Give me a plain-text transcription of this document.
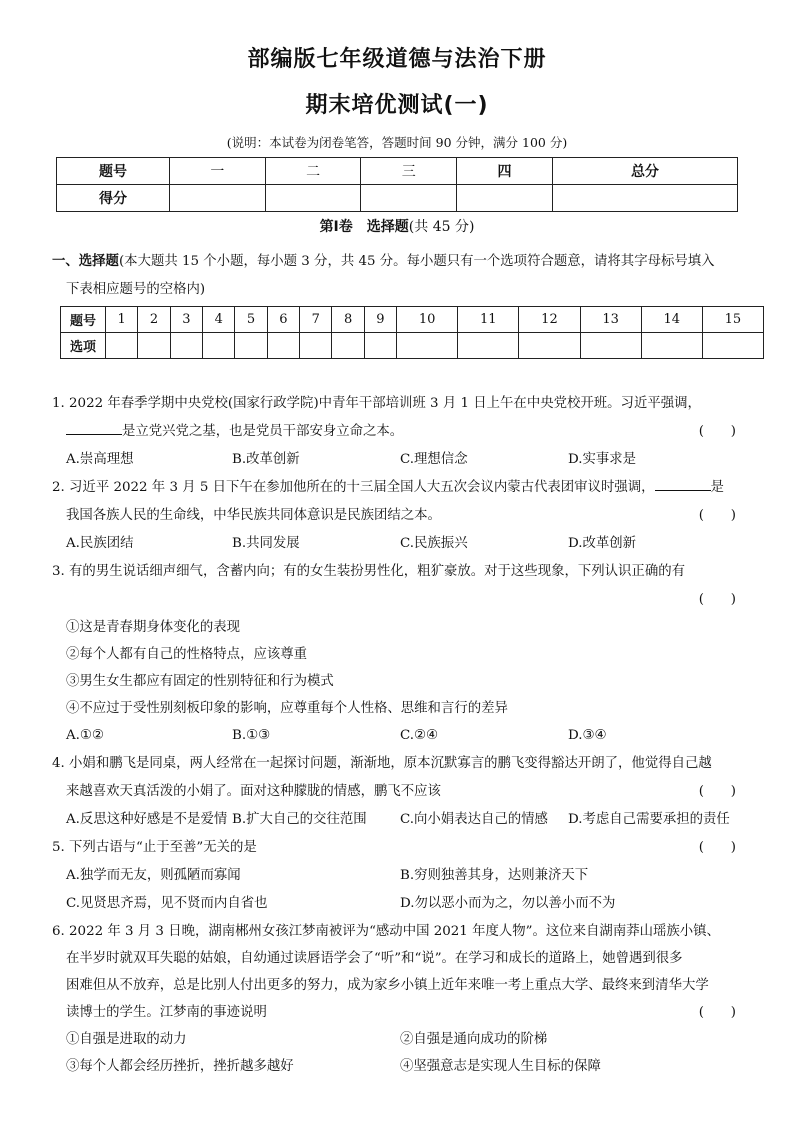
部编版七年级道德与法治下册
期末培优测试(一)
(说明：本试卷为闭卷笔答，答题时间 90 分钟，满分 100 分)
题号	一	二	三	四	总分
得分					
第Ⅰ卷　选择题(共 45 分)
一、选择题(本大题共 15 个小题，每小题 3 分，共 45 分。每小题只有一个选项符合题意，请将其字母标号填入
下表相应题号的空格内)
题号	1	2	3	4	5	6	7	8	9	10	11	12	13	14	15
选项															
1. 2022 年春季学期中央党校(国家行政学院)中青年干部培训班 3 月 1 日上午在中央党校开班。习近平强调，
是立党兴党之基，也是党员干部安身立命之本。	(　　)
A.崇高理想	B.改革创新	C.理想信念	D.实事求是
2. 习近平 2022 年 3 月 5 日下午在参加他所在的十三届全国人大五次会议内蒙古代表团审议时强调，	是
我国各族人民的生命线，中华民族共同体意识是民族团结之本。	(　　)
A.民族团结	B.共同发展	C.民族振兴	D.改革创新
3. 有的男生说话细声细气，含蓄内向；有的女生装扮男性化，粗犷豪放。对于这些现象，下列认识正确的有
(　　)
①这是青春期身体变化的表现
②每个人都有自己的性格特点，应该尊重
③男生女生都应有固定的性别特征和行为模式
④不应过于受性别刻板印象的影响，应尊重每个人性格、思维和言行的差异
A.①②	B.①③	C.②④	D.③④
4. 小娟和鹏飞是同桌，两人经常在一起探讨问题，渐渐地，原本沉默寡言的鹏飞变得豁达开朗了，他觉得自己越
来越喜欢天真活泼的小娟了。面对这种朦胧的情感，鹏飞不应该	(　　)
A.反思这种好感是不是爱情 B.扩大自己的交往范围 C.向小娟表达自己的情感 D.考虑自己需要承担的责任
5. 下列古语与“止于至善”无关的是	(　　)
A.独学而无友，则孤陋而寡闻	B.穷则独善其身，达则兼济天下
C.见贤思齐焉，见不贤而内自省也	D.勿以恶小而为之，勿以善小而不为
6. 2022 年 3 月 3 日晚，湖南郴州女孩江梦南被评为“感动中国 2021 年度人物”。这位来自湖南莽山瑶族小镇、
在半岁时就双耳失聪的姑娘，自幼通过读唇语学会了“听”和“说”。在学习和成长的道路上，她曾遇到很多
困难但从不放弃，总是比别人付出更多的努力，成为家乡小镇上近年来唯一考上重点大学、最终来到清华大学
读博士的学生。江梦南的事迹说明	(　　)
①自强是进取的动力	②自强是通向成功的阶梯
③每个人都会经历挫折，挫折越多越好	④坚强意志是实现人生目标的保障
